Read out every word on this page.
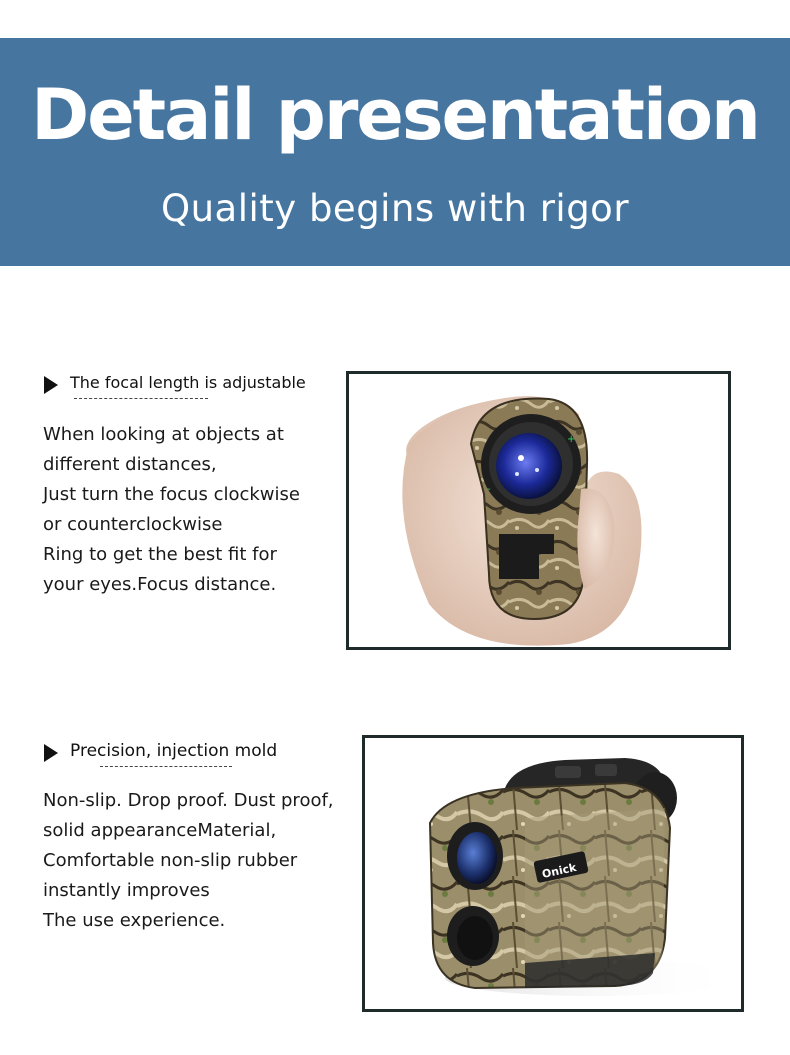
Detail presentation
Quality begins with rigor
The focal length is adjustable
When looking at objects at
different distances,
Just turn the focus clockwise
or counterclockwise
Ring to get the best fit for
your eyes.Focus distance.
+
-
Precision, injection mold
Non-slip. Drop proof. Dust proof,
solid appearanceMaterial,
Comfortable non-slip rubber
instantly improves
The use experience.
Onick
